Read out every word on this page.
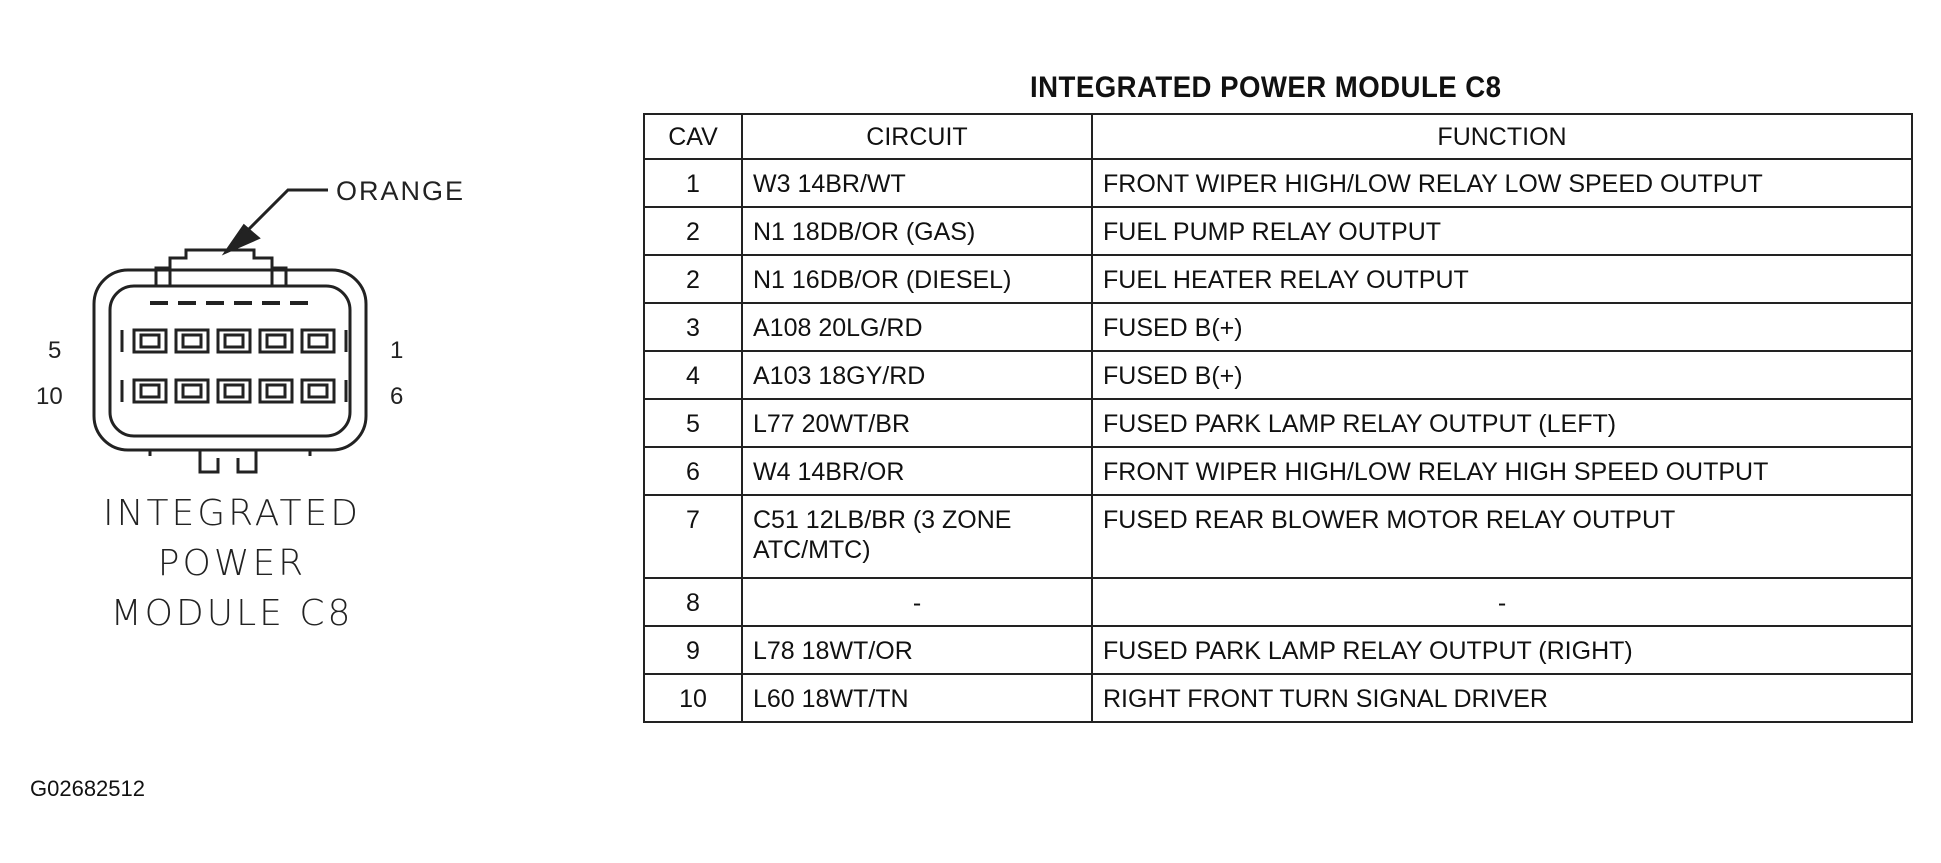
ORANGE
5
10
1
6
INTEGRATED
POWER
MODULE C8
G02682512
INTEGRATED POWER MODULE C8
CAV	CIRCUIT	FUNCTION
1	W3 14BR/WT	FRONT WIPER HIGH/LOW RELAY LOW SPEED OUTPUT
2	N1 18DB/OR (GAS)	FUEL PUMP RELAY OUTPUT
2	N1 16DB/OR (DIESEL)	FUEL HEATER RELAY OUTPUT
3	A108 20LG/RD	FUSED B(+)
4	A103 18GY/RD	FUSED B(+)
5	L77 20WT/BR	FUSED PARK LAMP RELAY OUTPUT (LEFT)
6	W4 14BR/OR	FRONT WIPER HIGH/LOW RELAY HIGH SPEED OUTPUT
7	C51 12LB/BR (3 ZONE ATC/MTC)	FUSED REAR BLOWER MOTOR RELAY OUTPUT
8	-	-
9	L78 18WT/OR	FUSED PARK LAMP RELAY OUTPUT (RIGHT)
10	L60 18WT/TN	RIGHT FRONT TURN SIGNAL DRIVER
